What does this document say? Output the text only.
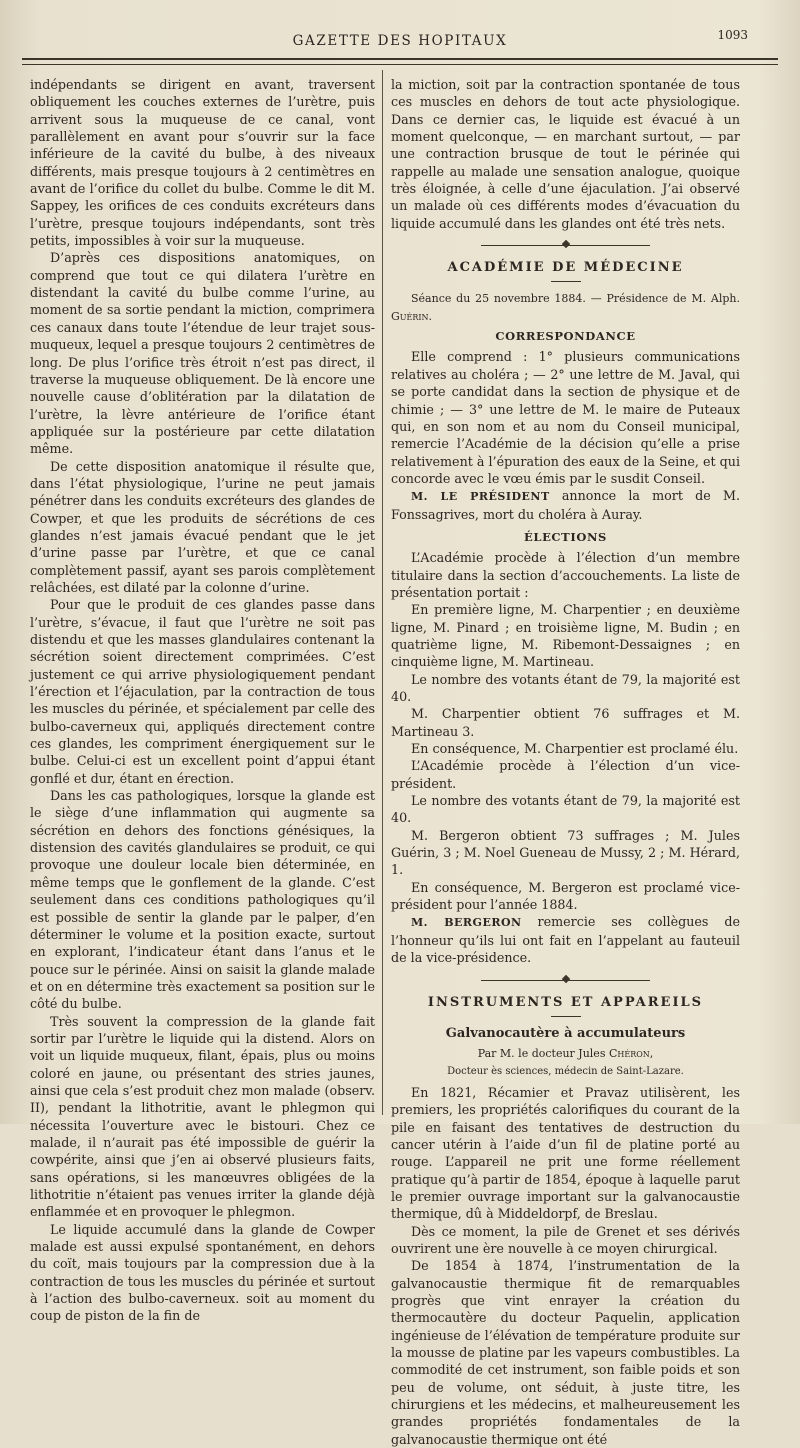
GAZETTE DES HOPITAUX	1093

indépendants se dirigent en avant, traversent obliquement les couches externes de l’urètre, puis arrivent sous la muqueuse de ce canal, vont parallèlement en avant pour s’ouvrir sur la face inférieure de la cavité du bulbe, à des niveaux différents, mais presque toujours à 2 centimètres en avant de l’orifice du collet du bulbe. Comme le dit M. Sappey, les orifices de ces conduits excréteurs dans l’urètre, presque toujours indépendants, sont très petits, impossibles à voir sur la muqueuse.

D’après ces dispositions anatomiques, on comprend que tout ce qui dilatera l’urètre en distendant la cavité du bulbe comme l’urine, au moment de sa sortie pendant la miction, comprimera ces canaux dans toute l’étendue de leur trajet sous-muqueux, lequel a presque toujours 2 centimètres de long. De plus l’orifice très étroit n’est pas direct, il traverse la muqueuse obliquement. De là encore une nouvelle cause d’oblitération par la dilatation de l’urètre, la lèvre antérieure de l’orifice étant appliquée sur la postérieure par cette dilatation même.

De cette disposition anatomique il résulte que, dans l’état physiologique, l’urine ne peut jamais pénétrer dans les conduits excréteurs des glandes de Cowper, et que les produits de sécrétions de ces glandes n’est jamais évacué pendant que le jet d’urine passe par l’urètre, et que ce canal complètement passif, ayant ses parois complètement relâchées, est dilaté par la colonne d’urine.

Pour que le produit de ces glandes passe dans l’urètre, s’évacue, il faut que l’urètre ne soit pas distendu et que les masses glandulaires contenant la sécrétion soient directement comprimées. C’est justement ce qui arrive physiologiquement pendant l’érection et l’éjaculation, par la contraction de tous les muscles du périnée, et spécialement par celle des bulbo-caverneux qui, appliqués directement contre ces glandes, les compriment énergiquement sur le bulbe. Celui-ci est un excellent point d’appui étant gonflé et dur, étant en érection.

Dans les cas pathologiques, lorsque la glande est le siège d’une inflammation qui augmente sa sécrétion en dehors des fonctions génésiques, la distension des cavités glandulaires se produit, ce qui provoque une douleur locale bien déterminée, en même temps que le gonflement de la glande. C’est seulement dans ces conditions pathologiques qu’il est possible de sentir la glande par le palper, d’en déterminer le volume et la position exacte, surtout en explorant, l’indicateur étant dans l’anus et le pouce sur le périnée. Ainsi on saisit la glande malade et on en détermine très exactement sa position sur le côté du bulbe.

Très souvent la compression de la glande fait sortir par l’urètre le liquide qui la distend. Alors on voit un liquide muqueux, filant, épais, plus ou moins coloré en jaune, ou présentant des stries jaunes, ainsi que cela s’est produit chez mon malade (observ. II), pendant la lithotritie, avant le phlegmon qui nécessita l’ouverture avec le bistouri. Chez ce malade, il n’aurait pas été impossible de guérir la cowpérite, ainsi que j’en ai observé plusieurs faits, sans opérations, si les manœuvres obligées de la lithotritie n’étaient pas venues irriter la glande déjà enflammée et en provoquer le phlegmon.

Le liquide accumulé dans la glande de Cowper malade est aussi expulsé spontanément, en dehors du coït, mais toujours par la compression due à la contraction de tous les muscles du périnée et surtout à l’action des bulbo-caverneux. soit au moment du coup de piston de la fin de

la miction, soit par la contraction spontanée de tous ces muscles en dehors de tout acte physiologique. Dans ce dernier cas, le liquide est évacué à un moment quelconque, — en marchant surtout, — par une contraction brusque de tout le périnée qui rappelle au malade une sensation analogue, quoique très éloignée, à celle d’une éjaculation. J’ai observé un malade où ces différents modes d’évacuation du liquide accumulé dans les glandes ont été très nets.

ACADÉMIE DE MÉDECINE

Séance du 25 novembre 1884. — Présidence de M. Alph. Guérin.

CORRESPONDANCE

Elle comprend : 1° plusieurs communications relatives au choléra ; — 2° une lettre de M. Javal, qui se porte candidat dans la section de physique et de chimie ; — 3° une lettre de M. le maire de Puteaux qui, en son nom et au nom du Conseil municipal, remercie l’Académie de la décision qu’elle a prise relativement à l’épuration des eaux de la Seine, et qui concorde avec le vœu émis par le susdit Conseil.

M. LE PRÉSIDENT annonce la mort de M. Fonssagrives, mort du choléra à Auray.

ÉLECTIONS

L’Académie procède à l’élection d’un membre titulaire dans la section d’accouchements. La liste de présentation portait :

En première ligne, M. Charpentier ; en deuxième ligne, M. Pinard ; en troisième ligne, M. Budin ; en quatrième ligne, M. Ribemont-Dessaignes ; en cinquième ligne, M. Martineau.

Le nombre des votants étant de 79, la majorité est 40.

M. Charpentier obtient 76 suffrages et M. Martineau 3.

En conséquence, M. Charpentier est proclamé élu.

L’Académie procède à l’élection d’un vice-président.

Le nombre des votants étant de 79, la majorité est 40.

M. Bergeron obtient 73 suffrages ; M. Jules Guérin, 3 ; M. Noel Gueneau de Mussy, 2 ; M. Hérard, 1.

En conséquence, M. Bergeron est proclamé vice-président pour l’année 1884.

M. BERGERON remercie ses collègues de l’honneur qu’ils lui ont fait en l’appelant au fauteuil de la vice-présidence.

INSTRUMENTS ET APPAREILS
Galvanocautère à accumulateurs

Par M. le docteur Jules Chéron,

Docteur ès sciences, médecin de Saint-Lazare.

En 1821, Récamier et Pravaz utilisèrent, les premiers, les propriétés calorifiques du courant de la pile en faisant des tentatives de destruction du cancer utérin à l’aide d’un fil de platine porté au rouge. L’appareil ne prit une forme réellement pratique qu’à partir de 1854, époque à laquelle parut le premier ouvrage important sur la galvanocaustie thermique, dû à Middeldorpf, de Breslau.

Dès ce moment, la pile de Grenet et ses dérivés ouvrirent une ère nouvelle à ce moyen chirurgical.

De 1854 à 1874, l’instrumentation de la galvanocaustie thermique fit de remarquables progrès que vint enrayer la création du thermocautère du docteur Paquelin, application ingénieuse de l’élévation de température produite sur la mousse de platine par les vapeurs combustibles. La commodité de cet instrument, son faible poids et son peu de volume, ont séduit, à juste titre, les chirurgiens et les médecins, et malheureusement les grandes propriétés fondamentales de la galvanocaustie thermique ont été
